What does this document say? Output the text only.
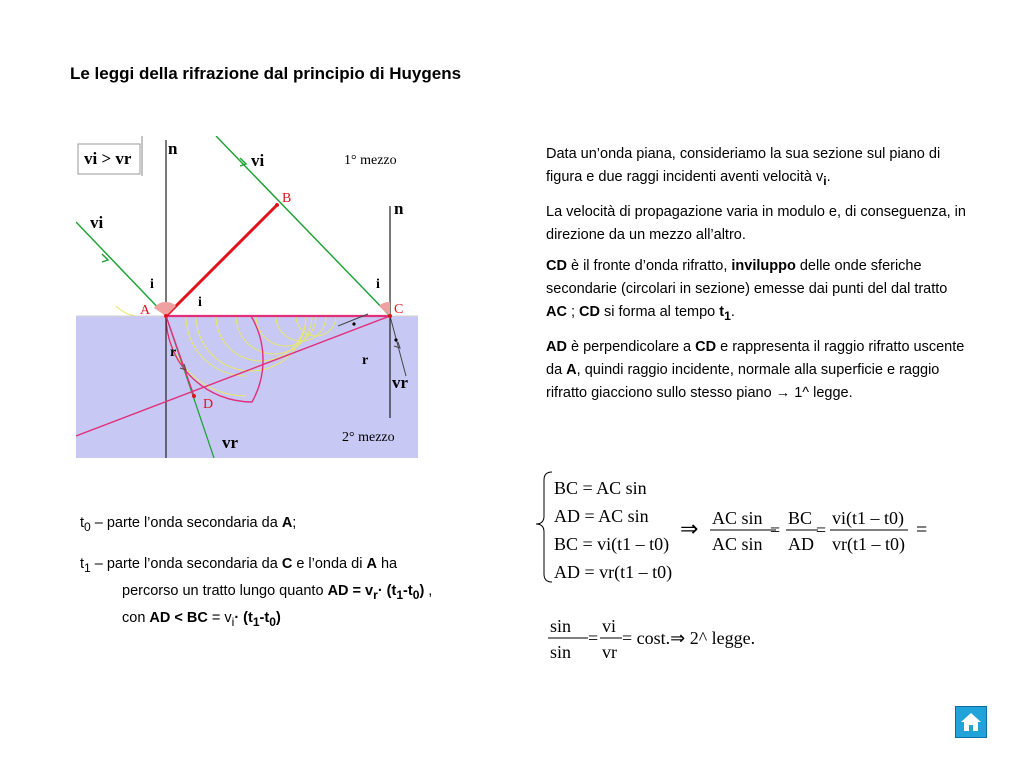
Le leggi della rifrazione dal principio di Huygens
vi > vr
n
n
vi
vi
1° mezzo
2° mezzo
A
B
C
D
i
i
i
r
r
vr
vr

Data un’onda piana, consideriamo la sua sezione sul piano di figura e due raggi incidenti aventi velocità $v_i$.

La velocità di propagazione varia in modulo e, di conseguenza, in direzione da un mezzo all’altro.

CD è il fronte d’onda rifratto, inviluppo delle onde sferiche secondarie (circolari in sezione) emesse dai punti del dal tratto AC ; CD si forma al tempo $t_1$.

AD è perpendicolare a CD e rappresenta il raggio rifratto uscente da A, quindi raggio incidente, normale alla superficie e raggio rifratto giacciono sullo stesso piano → 1^ legge.

BC = AC sin
AD = AC sin
BC = vi(t1 – t0)
AD = vr(t1 – t0)
⇒ AC sin
AC sin
=
BC
AD
=
vi(t1 – t0)
vr(t1 – t0)
=
sin
sin
=
vi
vr
= cost.⇒ 2^ legge.

$t_0$ – parte l’onda secondaria da A;

$t_1$ – parte l’onda secondaria da C e l’onda di A ha
percorso un tratto lungo quanto AD = $v_r\cdot (t_1-t_0)$ ,
con AD < BC = $v_i\cdot (t_1-t_0)$
